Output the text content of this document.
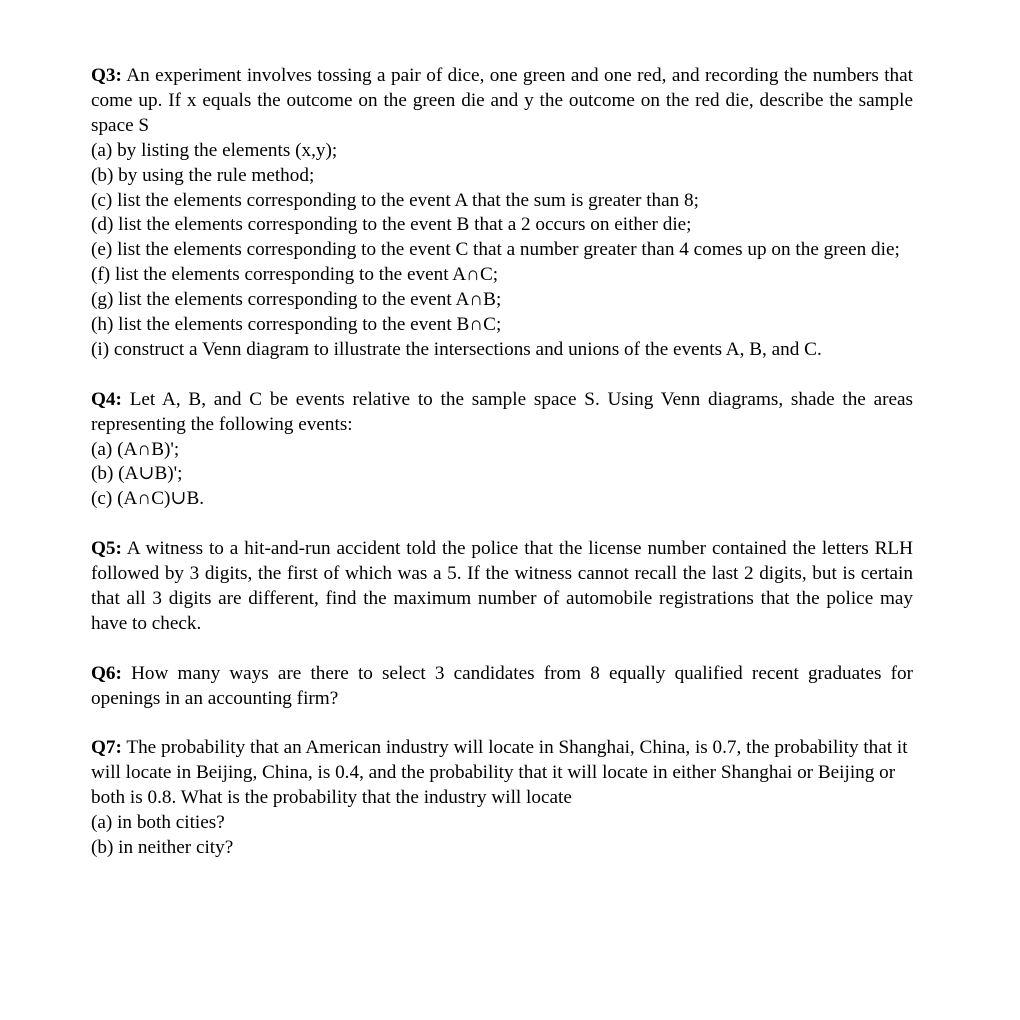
Q3: An experiment involves tossing a pair of dice, one green and one red, and recording the numbers that come up. If x equals the outcome on the green die and y the outcome on the red die, describe the sample space S

(a) by listing the elements (x,y);
(b) by using the rule method;
(c) list the elements corresponding to the event A that the sum is greater than 8;
(d) list the elements corresponding to the event B that a 2 occurs on either die;
(e) list the elements corresponding to the event C that a number greater than 4 comes up on the green die;
(f) list the elements corresponding to the event A∩C;
(g) list the elements corresponding to the event A∩B;
(h) list the elements corresponding to the event B∩C;
(i) construct a Venn diagram to illustrate the intersections and unions of the events A, B, and C.

Q4: Let A, B, and C be events relative to the sample space S. Using Venn diagrams, shade the areas representing the following events:

(a) (A∩B)';
(b) (A∪B)';
(c) (A∩C)∪B.

Q5: A witness to a hit-and-run accident told the police that the license number contained the letters RLH followed by 3 digits, the first of which was a 5. If the witness cannot recall the last 2 digits, but is certain that all 3 digits are different, find the maximum number of automobile registrations that the police may have to check.

Q6: How many ways are there to select 3 candidates from 8 equally qualified recent graduates for openings in an accounting firm?

Q7: The probability that an American industry will locate in Shanghai, China, is 0.7, the probability that it will locate in Beijing, China, is 0.4, and the probability that it will locate in either Shanghai or Beijing or both is 0.8. What is the probability that the industry will locate

(a) in both cities?
(b) in neither city?
